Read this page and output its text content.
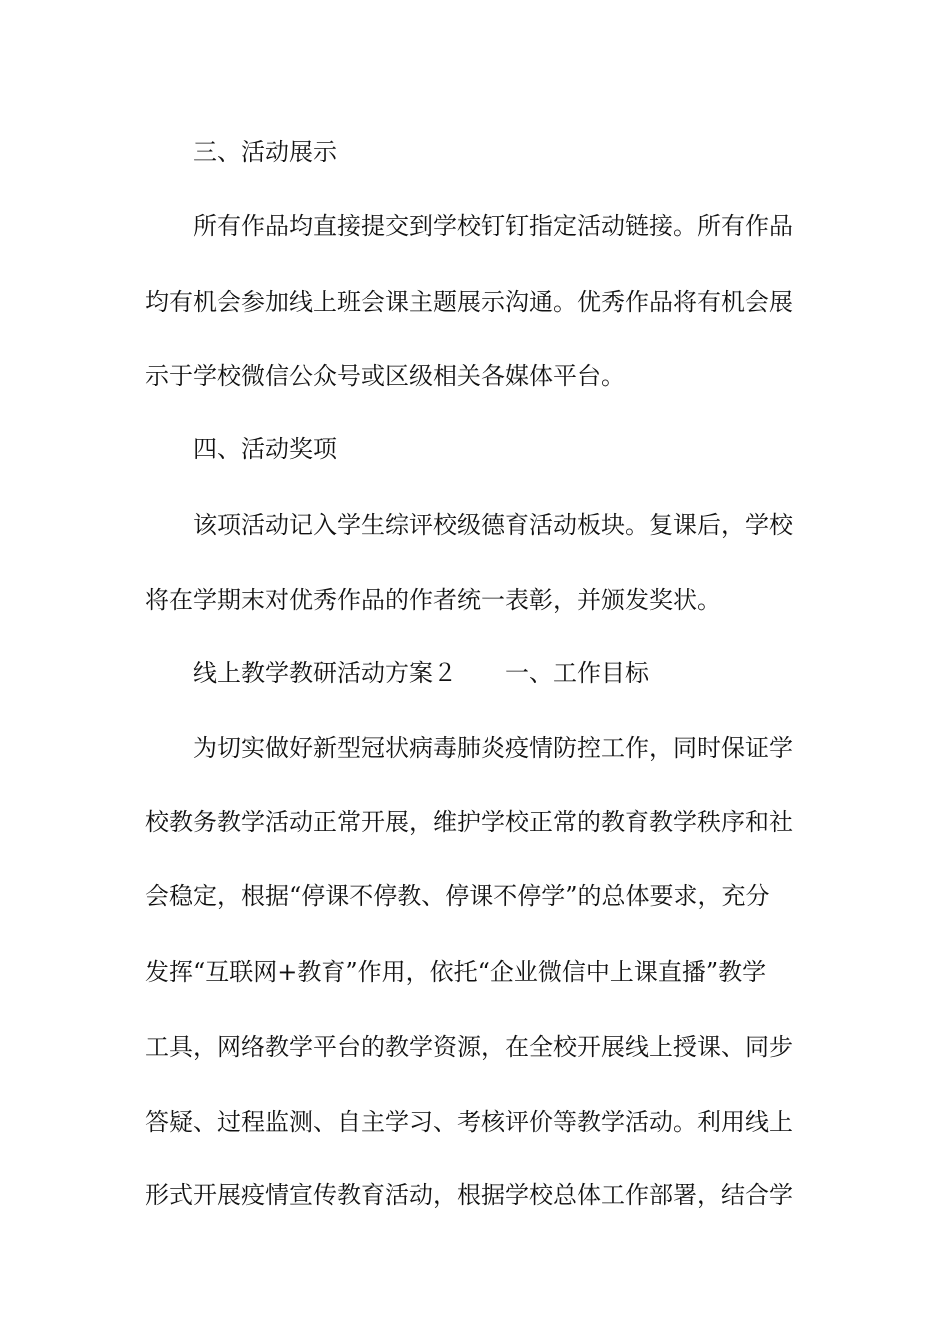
三、活动展示
所有作品均直接提交到学校钉钉指定活动链接。所有作品
均有机会参加线上班会课主题展示沟通。优秀作品将有机会展
示于学校微信公众号或区级相关各媒体平台。
四、活动奖项
该项活动记入学生综评校级德育活动板块。复课后，学校
将在学期末对优秀作品的作者统一表彰，并颁发奖状。
线上教学教研活动方案２ 一、工作目标
为切实做好新型冠状病毒肺炎疫情防控工作，同时保证学
校教务教学活动正常开展，维护学校正常的教育教学秩序和社
会稳定，根据“停课不停教、停课不停学”的总体要求，充分
发挥“互联网+教育”作用，依托“企业微信中上课直播”教学
工具，网络教学平台的教学资源，在全校开展线上授课、同步
答疑、过程监测、自主学习、考核评价等教学活动。利用线上
形式开展疫情宣传教育活动，根据学校总体工作部署，结合学
